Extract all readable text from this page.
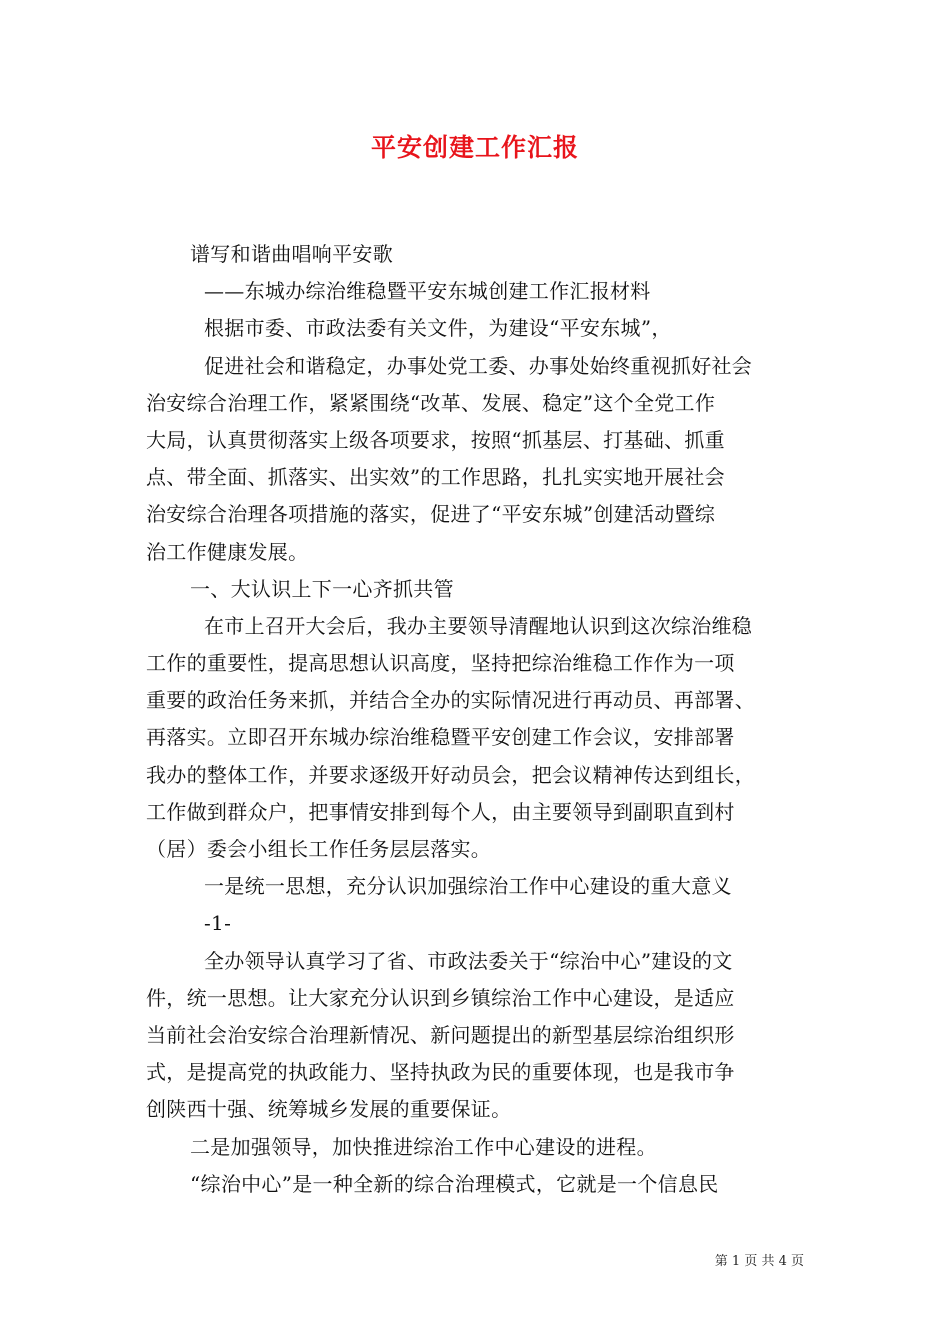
平安创建工作汇报
谱写和谐曲唱响平安歌
——东城办综治维稳暨平安东城创建工作汇报材料
根据市委、市政法委有关文件，为建设“平安东城”，
促进社会和谐稳定，办事处党工委、办事处始终重视抓好社会
治安综合治理工作，紧紧围绕“改革、发展、稳定”这个全党工作
大局，认真贯彻落实上级各项要求，按照“抓基层、打基础、抓重
点、带全面、抓落实、出实效”的工作思路，扎扎实实地开展社会
治安综合治理各项措施的落实，促进了“平安东城”创建活动暨综
治工作健康发展。
一、大认识上下一心齐抓共管
在市上召开大会后，我办主要领导清醒地认识到这次综治维稳
工作的重要性，提高思想认识高度，坚持把综治维稳工作作为一项
重要的政治任务来抓，并结合全办的实际情况进行再动员、再部署、
再落实。立即召开东城办综治维稳暨平安创建工作会议，安排部署
我办的整体工作，并要求逐级开好动员会，把会议精神传达到组长，
工作做到群众户，把事情安排到每个人，由主要领导到副职直到村
（居）委会小组长工作任务层层落实。
一是统一思想，充分认识加强综治工作中心建设的重大意义
-1-
全办领导认真学习了省、市政法委关于“综治中心”建设的文
件，统一思想。让大家充分认识到乡镇综治工作中心建设，是适应
当前社会治安综合治理新情况、新问题提出的新型基层综治组织形
式，是提高党的执政能力、坚持执政为民的重要体现，也是我市争
创陕西十强、统筹城乡发展的重要保证。
二是加强领导，加快推进综治工作中心建设的进程。
“综治中心”是一种全新的综合治理模式，它就是一个信息民
第 1 页 共 4 页
